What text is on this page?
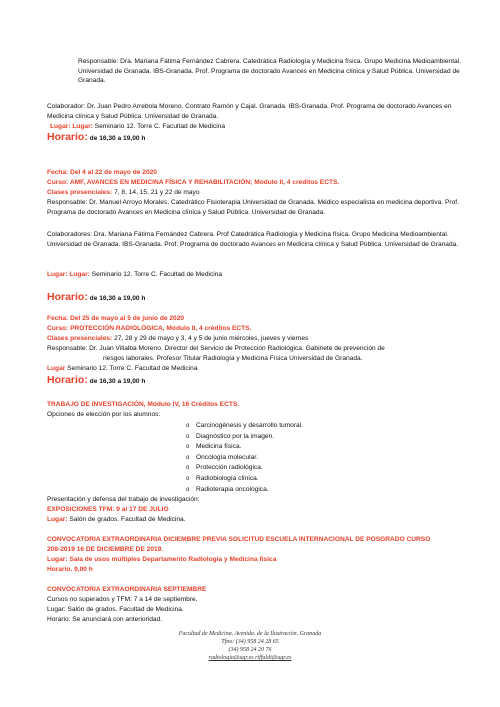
Responsable: Dra. Mariana Fátima Fernández Cabrera. Catedrática Radiología y Medicina física. Grupo Medicina Medioambiental. Universidad de Granada. IBS-Granada. Prof. Programa de doctorado Avances en Medicina clínica y Salud Pública. Universidad de Granada.
Colaborador: Dr. Juan Pedro Arrebola Moreno. Contrato Ramón y Cajal. Granada. IBS-Granada. Prof. Programa de doctorado Avances en Medicina clínica y Salud Pública. Universidad de Granada.
Lugar: Lugar: Seminario 12. Torre C. Facultad de Medicina
Horario: de 16,30 a 19,00 h
Fecha: Del 4 al 22 de mayo de 2020
Curso: AMF, AVANCES EN MEDICINA FÍSICA Y REHABILITACIÓN; Módulo II, 4 créditos ECTS.
Clases presenciales: 7, 8, 14, 15, 21 y 22 de mayo
Responsable: Dr. Manuel Arroyo Morales, Catedrático Fisioterapia Universidad de Granada. Médico especialista en medicina deportiva. Prof. Programa de doctorado Avances en Medicina clínica y Salud Pública. Universidad de Granada.
Colaboradores: Dra. Mariana Fátima Fernández Cabrera. Prof Catedrática Radiología y Medicina física. Grupo Medicina Medioambiental. Universidad de Granada. IBS-Granada. Prof. Programa de doctorado Avances en Medicina clínica y Salud Pública. Universidad de Granada.
Lugar: Lugar: Seminario 12. Torre C. Facultad de Medicina
Horario: de 16,30 a 19,00 h
Fecha: Del 25 de mayo al 5 de junio de 2020
Curso: PROTECCIÓN RADIOLÓGICA, Módulo II, 4 créditos ECTS.
Clases presenciales: 27, 28 y 29 de mayo y 3, 4 y 5 de junio miércoles, jueves y viernes
Responsable: Dr. Juan Villalba Moreno. Director del Servicio de Protección Radiológica. Gabinete de prevención de
riesgos laborales. Profesor Titular Radiología y Medicina Física Universidad de Granada.
Lugar Seminario 12. Torre C. Facultad de Medicina
Horario: de 16,30 a 19,00 h
TRABAJO DE INVESTIGACIÓN, Módulo IV, 16 Créditos ECTS.
Opciones de elección por los alumnos:
o Carcinogénesis y desarrollo tumoral.
o Diagnóstico por la imagen.
o Medicina física.
o Oncología molecular.
o Protección radiológica.
o Radiobiología clínica.
o Radioterapia oncológica.
Presentación y defensa del trabajo de investigación:
EXPOSICIONES TFM: 9 al 17 DE JULIO
Lugar: Salón de grados. Facultad de Medicina.
CONVOCATORIA EXTRAORDINARIA DICIEMBRE PREVIA SOLICITUD ESCUELA INTERNACIONAL DE POSGRADO CURSO
208-2019 16 DE DICIEMBRE DE 2019.
Lugar: Sala de usos múltiples Departamento Radiología y Medicina física
Horario. 9,00 h
CONVOCATORIA EXTRAORDINARIA SEPTIEMBRE
Cursos no superados y TFM: 7 a 14 de septiembre.
Lugar: Salón de grados. Facultad de Medicina.
Horario: Se anunciará con anterioridad.
Facultad de Medicina. Avenida. de la Ilustración. Granada
Tfno: (34) 958 24 28 65
(34) 958 24 20 76
radiologia@ugr.es riffaldi@ugr.es
